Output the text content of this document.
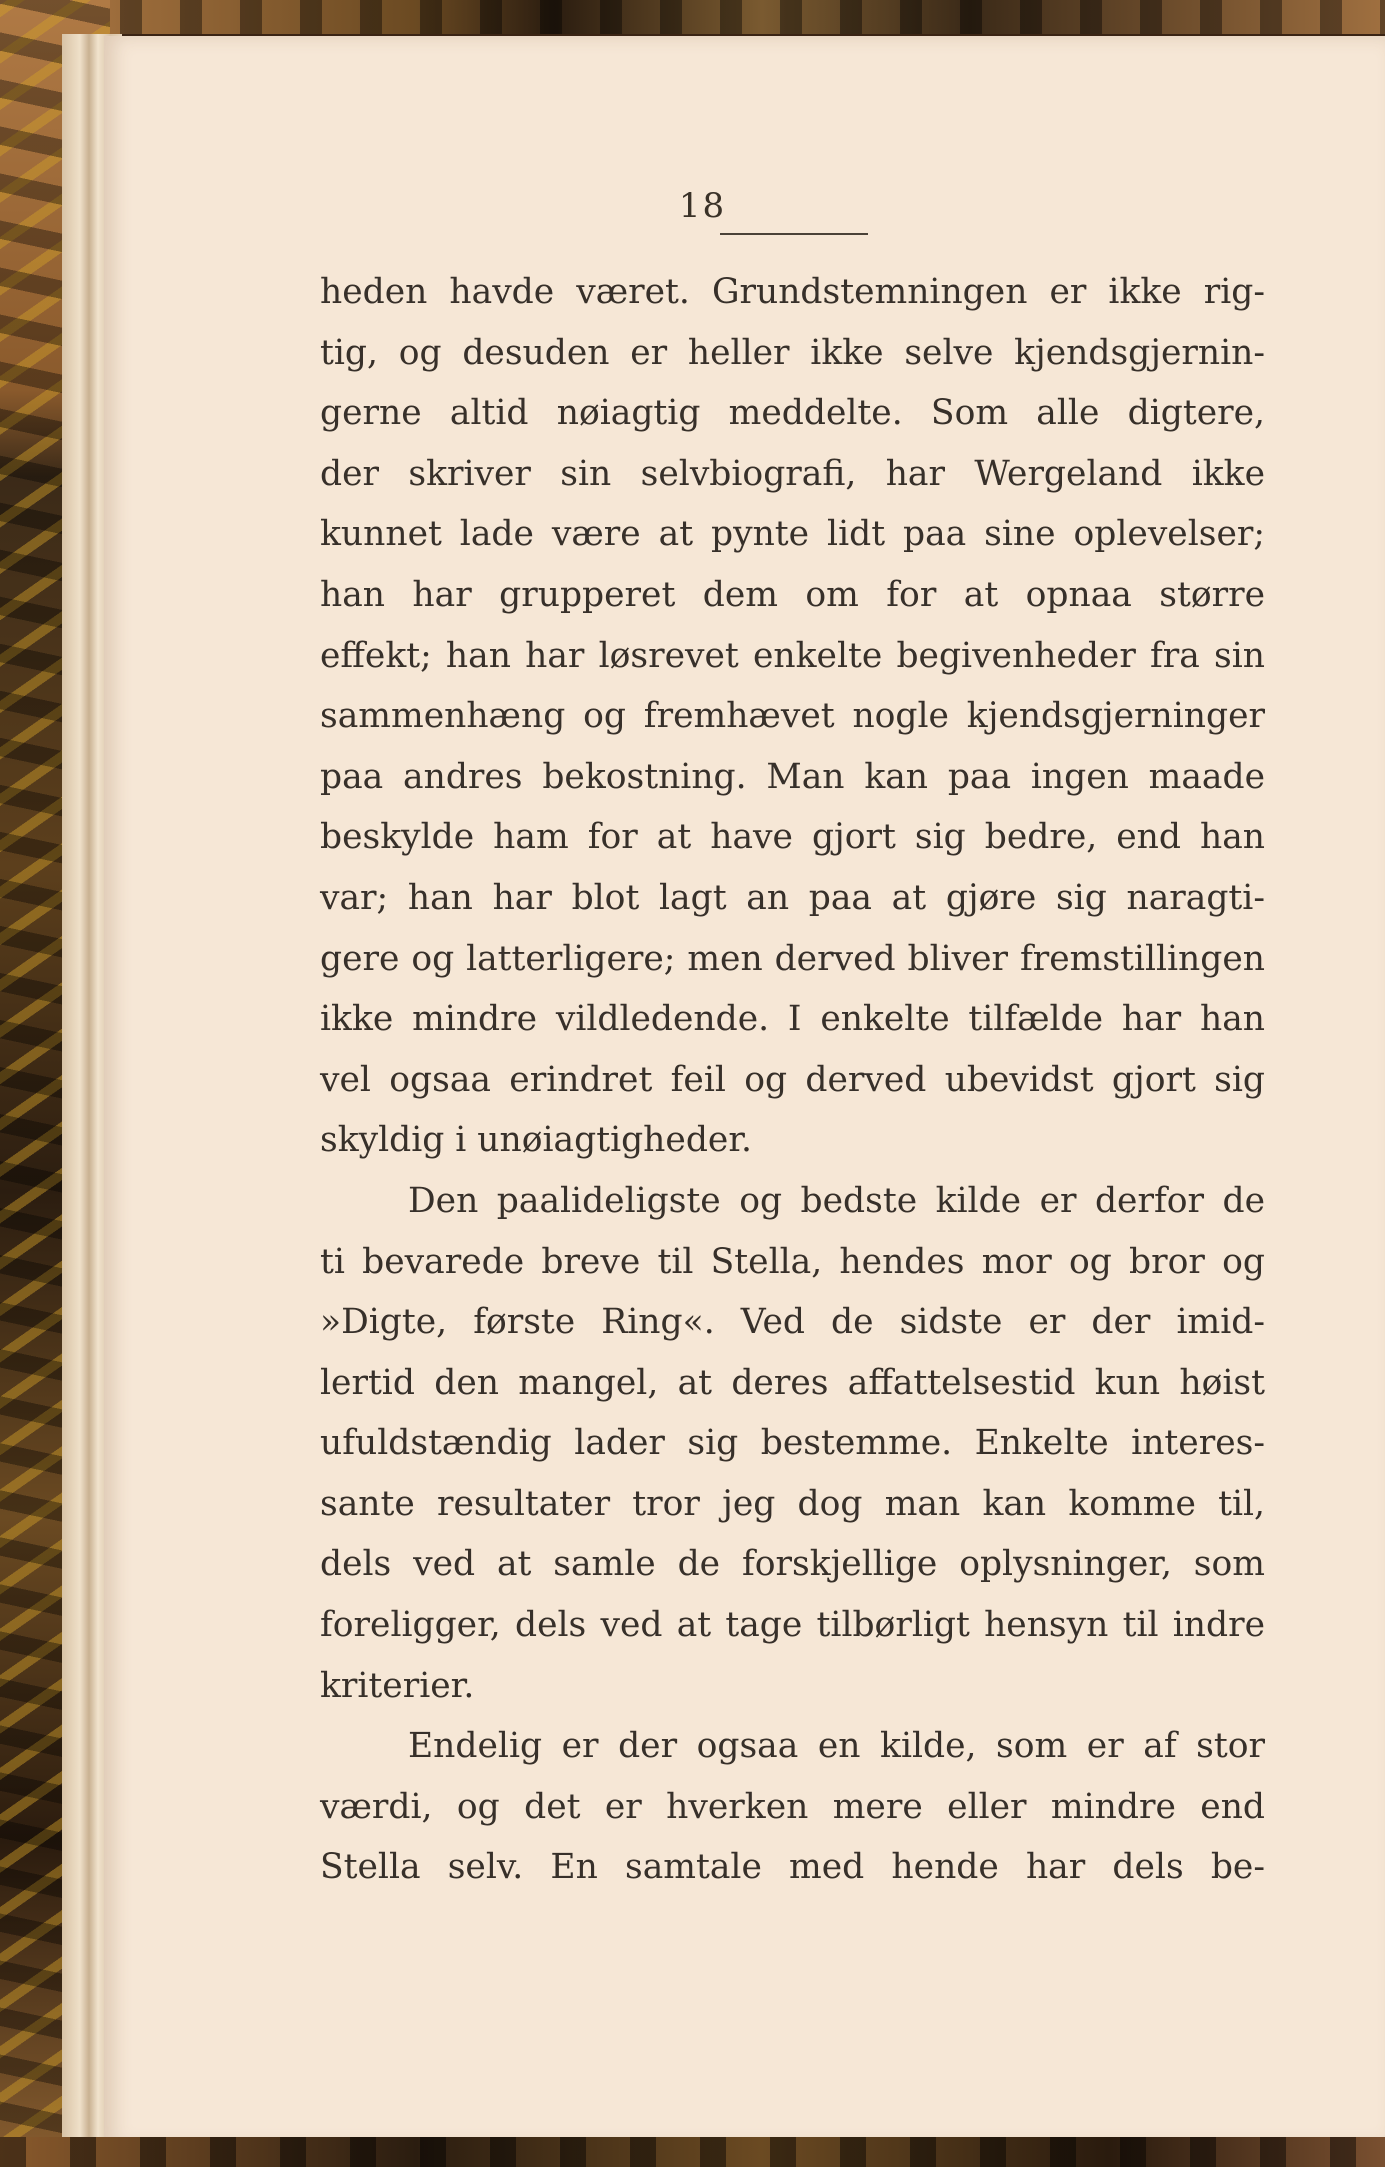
18
heden havde været. Grundstemningen er ikke rig-
tig, og desuden er heller ikke selve kjendsgjernin-
gerne altid nøiagtig meddelte. Som alle digtere,
der skriver sin selvbiografi, har Wergeland ikke
kunnet lade være at pynte lidt paa sine oplevelser;
han har grupperet dem om for at opnaa større
effekt; han har løsrevet enkelte begivenheder fra sin
sammenhæng og fremhævet nogle kjendsgjerninger
paa andres bekostning. Man kan paa ingen maade
beskylde ham for at have gjort sig bedre, end han
var; han har blot lagt an paa at gjøre sig naragti-
gere og latterligere; men derved bliver fremstillingen
ikke mindre vildledende. I enkelte tilfælde har han
vel ogsaa erindret feil og derved ubevidst gjort sig
skyldig i unøiagtigheder.
Den paalideligste og bedste kilde er derfor de
ti bevarede breve til Stella, hendes mor og bror og
»Digte, første Ring«. Ved de sidste er der imid-
lertid den mangel, at deres affattelsestid kun høist
ufuldstændig lader sig bestemme. Enkelte interes-
sante resultater tror jeg dog man kan komme til,
dels ved at samle de forskjellige oplysninger, som
foreligger, dels ved at tage tilbørligt hensyn til indre
kriterier.
Endelig er der ogsaa en kilde, som er af stor
værdi, og det er hverken mere eller mindre end
Stella selv. En samtale med hende har dels be-
